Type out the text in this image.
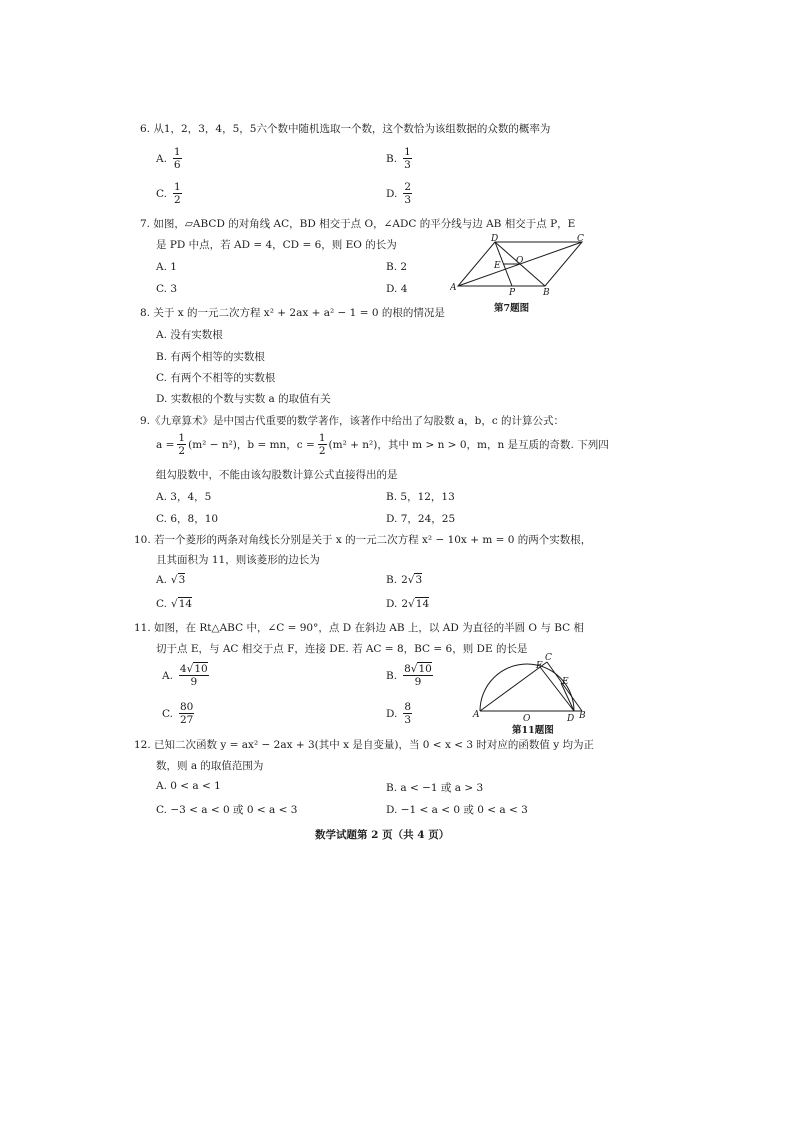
6. 从1，2，3，4，5，5六个数中随机选取一个数，这个数恰为该组数据的众数的概率为
A. $\frac{1}{6}$	B. $\frac{1}{3}$
C. $\frac{1}{2}$	D. $\frac{2}{3}$
7. 如图，▱ABCD 的对角线 AC，BD 相交于点 O，∠ADC 的平分线与边 AB 相交于点 P，E
是 PD 中点，若 AD = 4，CD = 6，则 EO 的长为
A. 1	B. 2
C. 3	D. 4	A	B
C
D
E O
P
第7题图
8. 关于 x 的一元二次方程 x² + 2ax + a² − 1 = 0 的根的情况是
A. 没有实数根
B. 有两个相等的实数根
C. 有两个不相等的实数根
D. 实数根的个数与实数 a 的取值有关
9.《九章算术》是中国古代重要的数学著作，该著作中给出了勾股数 a，b，c 的计算公式：
$a = \frac{1}{2} (m^2 - n^2)$，b = mn，$c = \frac{1}{2} (m^2 + n^2)$，其中 m > n > 0，m，n 是互质的奇数. 下列四
组勾股数中，不能由该勾股数计算公式直接得出的是
A. 3，4，5	B. 5，12，13
C. 6，8，10	D. 7，24，25
10. 若一个菱形的两条对角线长分别是关于 x 的一元二次方程 x² − 10x + m = 0 的两个实数根，
且其面积为 11，则该菱形的边长为
A. √ 3	B. 2 √ 3
C. √ 14	D. 2 √ 14
11. 如图，在 Rt△ABC 中，∠C = 90°，点 D 在斜边 AB 上，以 AD 为直径的半圆 O 与 BC 相
切于点 E，与 AC 相交于点 F，连接 DE. 若 AC = 8，BC = 6，则 DE 的长是
A. $\frac{4√10}{9}$	B. $\frac{8√10}{9}$
C. $\frac{80}{27}$	D. $\frac{8}{3}$	A	B
C
D
E
F
O
第11题图
12. 已知二次函数 y = ax² − 2ax + 3(其中 x 是自变量)，当 0 < x < 3 时对应的函数值 y 均为正
数，则 a 的取值范围为
A. 0 < a < 1	B. a < −1 或 a > 3
C. −3 < a < 0 或 0 < a < 3	D. −1 < a < 0 或 0 < a < 3
数学试题第 2 页（共 4 页）
